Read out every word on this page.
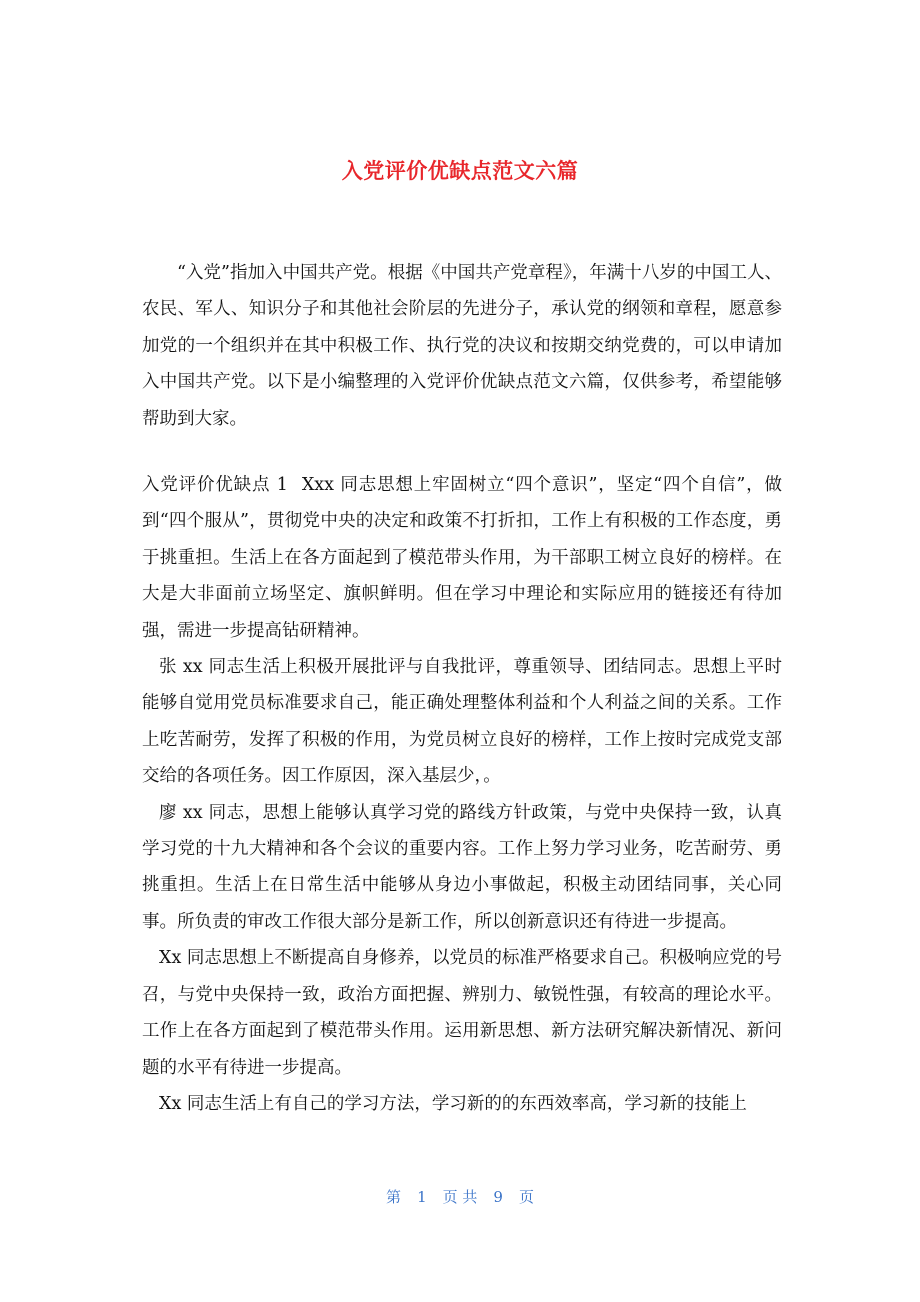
入党评价优缺点范文六篇

“入党”指加入中国共产党。根据《中国共产党章程》，年满十八岁的中国工人、农民、军人、知识分子和其他社会阶层的先进分子，承认党的纲领和章程，愿意参加党的一个组织并在其中积极工作、执行党的决议和按期交纳党费的，可以申请加入中国共产党。以下是小编整理的入党评价优缺点范文六篇，仅供参考，希望能够帮助到大家。

入党评价优缺点 1 Xxx 同志思想上牢固树立“四个意识”，坚定“四个自信”，做到“四个服从”，贯彻党中央的决定和政策不打折扣，工作上有积极的工作态度，勇于挑重担。生活上在各方面起到了模范带头作用，为干部职工树立良好的榜样。在大是大非面前立场坚定、旗帜鲜明。但在学习中理论和实际应用的链接还有待加强，需进一步提高钻研精神。

张 xx 同志生活上积极开展批评与自我批评，尊重领导、团结同志。思想上平时能够自觉用党员标准要求自己，能正确处理整体利益和个人利益之间的关系。工作上吃苦耐劳，发挥了积极的作用，为党员树立良好的榜样，工作上按时完成党支部交给的各项任务。因工作原因，深入基层少，。

廖 xx 同志，思想上能够认真学习党的路线方针政策，与党中央保持一致，认真学习党的十九大精神和各个会议的重要内容。工作上努力学习业务，吃苦耐劳、勇挑重担。生活上在日常生活中能够从身边小事做起，积极主动团结同事，关心同事。所负责的审改工作很大部分是新工作，所以创新意识还有待进一步提高。

Xx 同志思想上不断提高自身修养，以党员的标准严格要求自己。积极响应党的号召，与党中央保持一致，政治方面把握、辨别力、敏锐性强，有较高的理论水平。工作上在各方面起到了模范带头作用。运用新思想、新方法研究解决新情况、新问题的水平有待进一步提高。

Xx 同志生活上有自己的学习方法，学习新的的东西效率高，学习新的技能上

第 1 页 共 9 页
